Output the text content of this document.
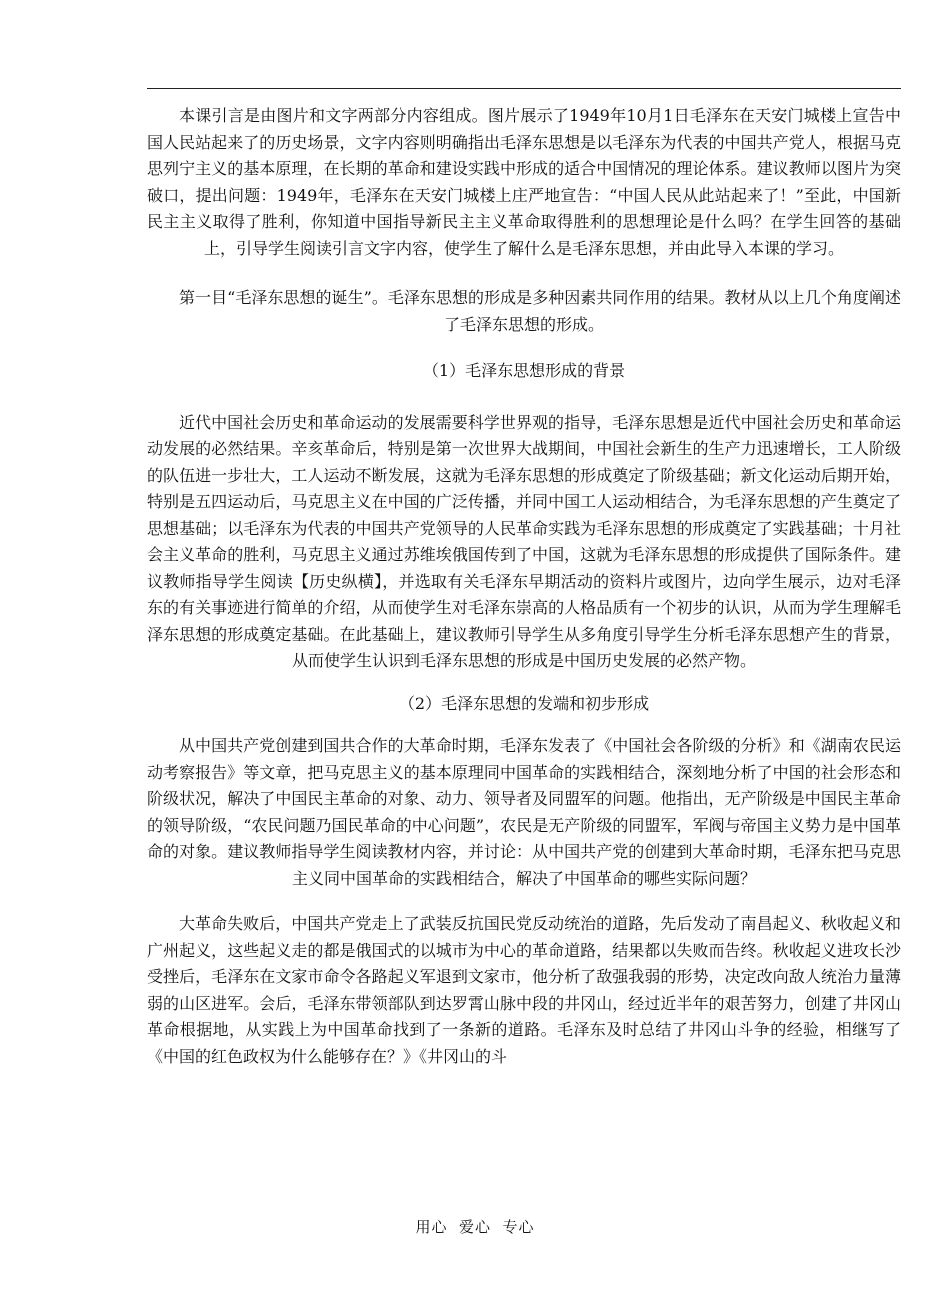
本课引言是由图片和文字两部分内容组成。图片展示了1949年10月1日毛泽东在天安门城楼上宣告中国人民站起来了的历史场景，文字内容则明确指出毛泽东思想是以毛泽东为代表的中国共产党人，根据马克思列宁主义的基本原理，在长期的革命和建设实践中形成的适合中国情况的理论体系。建议教师以图片为突破口，提出问题：1949年，毛泽东在天安门城楼上庄严地宣告：“中国人民从此站起来了！”至此，中国新民主主义取得了胜利，你知道中国指导新民主主义革命取得胜利的思想理论是什么吗？在学生回答的基础上，引导学生阅读引言文字内容，使学生了解什么是毛泽东思想，并由此导入本课的学习。

第一目“毛泽东思想的诞生”。毛泽东思想的形成是多种因素共同作用的结果。教材从以上几个角度阐述了毛泽东思想的形成。

（1）毛泽东思想形成的背景

近代中国社会历史和革命运动的发展需要科学世界观的指导，毛泽东思想是近代中国社会历史和革命运动发展的必然结果。辛亥革命后，特别是第一次世界大战期间，中国社会新生的生产力迅速增长，工人阶级的队伍进一步壮大，工人运动不断发展，这就为毛泽东思想的形成奠定了阶级基础；新文化运动后期开始，特别是五四运动后，马克思主义在中国的广泛传播，并同中国工人运动相结合，为毛泽东思想的产生奠定了思想基础；以毛泽东为代表的中国共产党领导的人民革命实践为毛泽东思想的形成奠定了实践基础；十月社会主义革命的胜利，马克思主义通过苏维埃俄国传到了中国，这就为毛泽东思想的形成提供了国际条件。建议教师指导学生阅读【历史纵横】，并选取有关毛泽东早期活动的资料片或图片，边向学生展示，边对毛泽东的有关事迹进行简单的介绍，从而使学生对毛泽东崇高的人格品质有一个初步的认识，从而为学生理解毛泽东思想的形成奠定基础。在此基础上，建议教师引导学生从多角度引导学生分析毛泽东思想产生的背景，从而使学生认识到毛泽东思想的形成是中国历史发展的必然产物。

（2）毛泽东思想的发端和初步形成

从中国共产党创建到国共合作的大革命时期，毛泽东发表了《中国社会各阶级的分析》和《湖南农民运动考察报告》等文章，把马克思主义的基本原理同中国革命的实践相结合，深刻地分析了中国的社会形态和阶级状况，解决了中国民主革命的对象、动力、领导者及同盟军的问题。他指出，无产阶级是中国民主革命的领导阶级，“农民问题乃国民革命的中心问题”，农民是无产阶级的同盟军，军阀与帝国主义势力是中国革命的对象。建议教师指导学生阅读教材内容，并讨论：从中国共产党的创建到大革命时期，毛泽东把马克思主义同中国革命的实践相结合，解决了中国革命的哪些实际问题？

大革命失败后，中国共产党走上了武装反抗国民党反动统治的道路，先后发动了南昌起义、秋收起义和广州起义，这些起义走的都是俄国式的以城市为中心的革命道路，结果都以失败而告终。秋收起义进攻长沙受挫后，毛泽东在文家市命令各路起义军退到文家市，他分析了敌强我弱的形势，决定改向敌人统治力量薄弱的山区进军。会后，毛泽东带领部队到达罗霄山脉中段的井冈山，经过近半年的艰苦努力，创建了井冈山革命根据地，从实践上为中国革命找到了一条新的道路。毛泽东及时总结了井冈山斗争的经验，相继写了《中国的红色政权为什么能够存在？》《井冈山的斗

用心  爱心  专心
